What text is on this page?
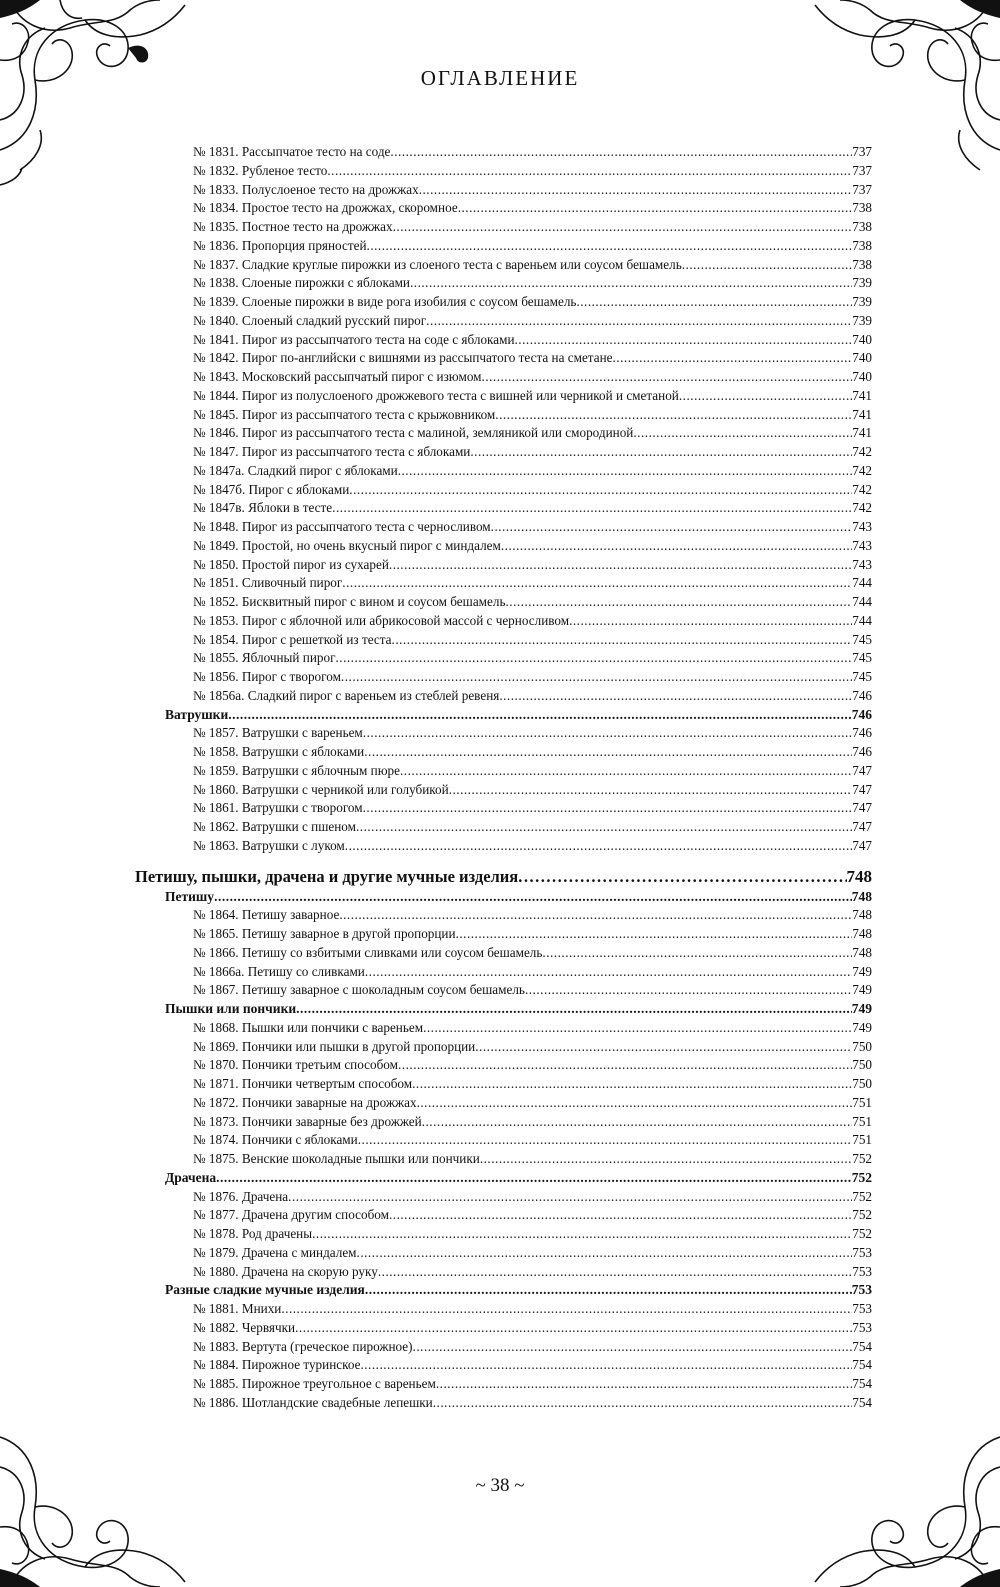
ОГЛАВЛЕНИЕ
№ 1831. Рассыпчатое тесто на соде .....	737
№ 1832. Рубленое тесто .....	737
№ 1833. Полуслоеное тесто на дрожжах .....	737
№ 1834. Простое тесто на дрожжах, скоромное .....	738
№ 1835. Постное тесто на дрожжах .....	738
№ 1836. Пропорция пряностей .....	738
№ 1837. Сладкие круглые пирожки из слоеного теста с вареньем или соусом бешамель .....	738
№ 1838. Слоеные пирожки с яблоками .....	739
№ 1839. Слоеные пирожки в виде рога изобилия с соусом бешамель .....	739
№ 1840. Слоеный сладкий русский пирог .....	739
№ 1841. Пирог из рассыпчатого теста на соде с яблоками .....	740
№ 1842. Пирог по-английски с вишнями из рассыпчатого теста на сметане .....	740
№ 1843. Московский рассыпчатый пирог с изюмом .....	740
№ 1844. Пирог из полуслоеного дрожжевого теста с вишней или черникой и сметаной .....	741
№ 1845. Пирог из рассыпчатого теста с крыжовником .....	741
№ 1846. Пирог из рассыпчатого теста с малиной, земляникой или смородиной .....	741
№ 1847. Пирог из рассыпчатого теста с яблоками .....	742
№ 1847а. Сладкий пирог с яблоками .....	742
№ 1847б. Пирог с яблоками .....	742
№ 1847в. Яблоки в тесте .....	742
№ 1848. Пирог из рассыпчатого теста с черносливом .....	743
№ 1849. Простой, но очень вкусный пирог с миндалем .....	743
№ 1850. Простой пирог из сухарей .....	743
№ 1851. Сливочный пирог .....	744
№ 1852. Бисквитный пирог с вином и соусом бешамель .....	744
№ 1853. Пирог с яблочной или абрикосовой массой с черносливом .....	744
№ 1854. Пирог с решеткой из теста .....	745
№ 1855. Яблочный пирог .....	745
№ 1856. Пирог с творогом .....	745
№ 1856а. Сладкий пирог с вареньем из стеблей ревеня .....	746
Ватрушки .....	746
№ 1857. Ватрушки с вареньем .....	746
№ 1858. Ватрушки с яблоками .....	746
№ 1859. Ватрушки с яблочным пюре .....	747
№ 1860. Ватрушки с черникой или голубикой .....	747
№ 1861. Ватрушки с творогом .....	747
№ 1862. Ватрушки с пшеном .....	747
№ 1863. Ватрушки с луком .....	747
Петишу, пышки, драчена и другие мучные изделия .....	748
Петишу .....	748
№ 1864. Петишу заварное .....	748
№ 1865. Петишу заварное в другой пропорции .....	748
№ 1866. Петишу со взбитыми сливками или соусом бешамель .....	748
№ 1866а. Петишу со сливками .....	749
№ 1867. Петишу заварное с шоколадным соусом бешамель .....	749
Пышки или пончики .....	749
№ 1868. Пышки или пончики с вареньем .....	749
№ 1869. Пончики или пышки в другой пропорции .....	750
№ 1870. Пончики третьим способом .....	750
№ 1871. Пончики четвертым способом .....	750
№ 1872. Пончики заварные на дрожжах .....	751
№ 1873. Пончики заварные без дрожжей .....	751
№ 1874. Пончики с яблоками .....	751
№ 1875. Венские шоколадные пышки или пончики .....	752
Драчена .....	752
№ 1876. Драчена .....	752
№ 1877. Драчена другим способом .....	752
№ 1878. Род драчены .....	752
№ 1879. Драчена с миндалем .....	753
№ 1880. Драчена на скорую руку .....	753
Разные сладкие мучные изделия .....	753
№ 1881. Мнихи .....	753
№ 1882. Червячки .....	753
№ 1883. Вертута (греческое пирожное) .....	754
№ 1884. Пирожное туринское .....	754
№ 1885. Пирожное треугольное с вареньем .....	754
№ 1886. Шотландские свадебные лепешки .....	754
~ 38 ~
